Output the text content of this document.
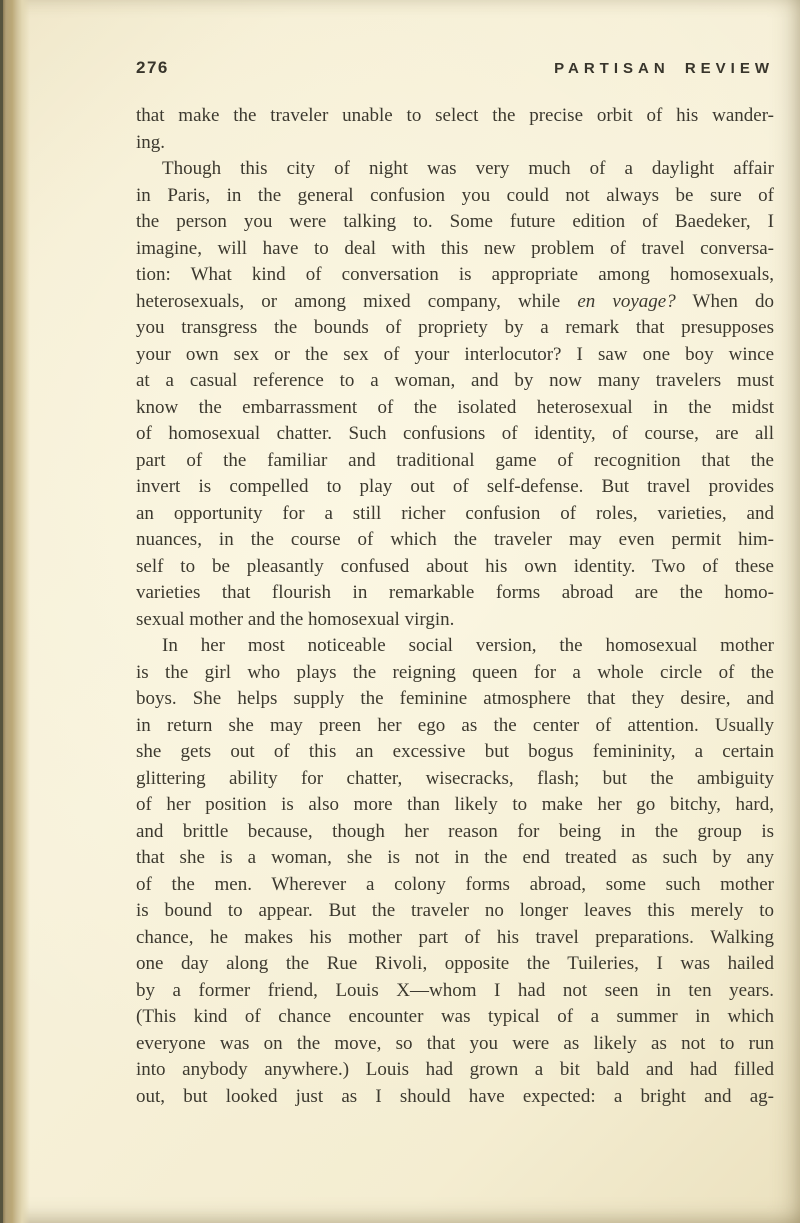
276	PARTISAN REVIEW
that make the traveler unable to select the precise orbit of his wander-
ing.
Though this city of night was very much of a daylight affair
in Paris, in the general confusion you could not always be sure of
the person you were talking to. Some future edition of Baedeker, I
imagine, will have to deal with this new problem of travel conversa-
tion: What kind of conversation is appropriate among homosexuals,
heterosexuals, or among mixed company, while en voyage? When do
you transgress the bounds of propriety by a remark that presupposes
your own sex or the sex of your interlocutor? I saw one boy wince
at a casual reference to a woman, and by now many travelers must
know the embarrassment of the isolated heterosexual in the midst
of homosexual chatter. Such confusions of identity, of course, are all
part of the familiar and traditional game of recognition that the
invert is compelled to play out of self-defense. But travel provides
an opportunity for a still richer confusion of roles, varieties, and
nuances, in the course of which the traveler may even permit him-
self to be pleasantly confused about his own identity. Two of these
varieties that flourish in remarkable forms abroad are the homo-
sexual mother and the homosexual virgin.
In her most noticeable social version, the homosexual mother
is the girl who plays the reigning queen for a whole circle of the
boys. She helps supply the feminine atmosphere that they desire, and
in return she may preen her ego as the center of attention. Usually
she gets out of this an excessive but bogus femininity, a certain
glittering ability for chatter, wisecracks, flash; but the ambiguity
of her position is also more than likely to make her go bitchy, hard,
and brittle because, though her reason for being in the group is
that she is a woman, she is not in the end treated as such by any
of the men. Wherever a colony forms abroad, some such mother
is bound to appear. But the traveler no longer leaves this merely to
chance, he makes his mother part of his travel preparations. Walking
one day along the Rue Rivoli, opposite the Tuileries, I was hailed
by a former friend, Louis X—whom I had not seen in ten years.
(This kind of chance encounter was typical of a summer in which
everyone was on the move, so that you were as likely as not to run
into anybody anywhere.) Louis had grown a bit bald and had filled
out, but looked just as I should have expected: a bright and ag-
